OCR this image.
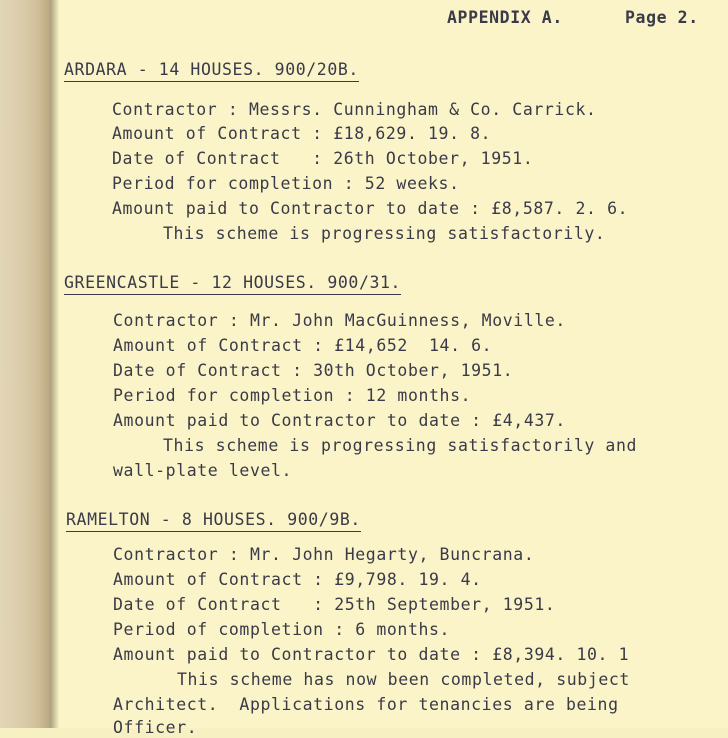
APPENDIX A.	Page 2.
ARDARA - 14 HOUSES. 900/20B.
Contractor : Messrs. Cunningham & Co. Carrick.
Amount of Contract : £18,629. 19. 8.
Date of Contract   : 26th October, 1951.
Period for completion : 52 weeks.
Amount paid to Contractor to date : £8,587. 2. 6.
This scheme is progressing satisfactorily.
GREENCASTLE - 12 HOUSES. 900/31.
Contractor : Mr. John MacGuinness, Moville.
Amount of Contract : £14,652  14. 6.
Date of Contract : 30th October, 1951.
Period for completion : 12 months.
Amount paid to Contractor to date : £4,437.
This scheme is progressing satisfactorily and
wall-plate level.
RAMELTON - 8 HOUSES. 900/9B.
Contractor : Mr. John Hegarty, Buncrana.
Amount of Contract : £9,798. 19. 4.
Date of Contract   : 25th September, 1951.
Period of completion : 6 months.
Amount paid to Contractor to date : £8,394. 10. 1
This scheme has now been completed, subject
Architect.  Applications for tenancies are being
Officer.
